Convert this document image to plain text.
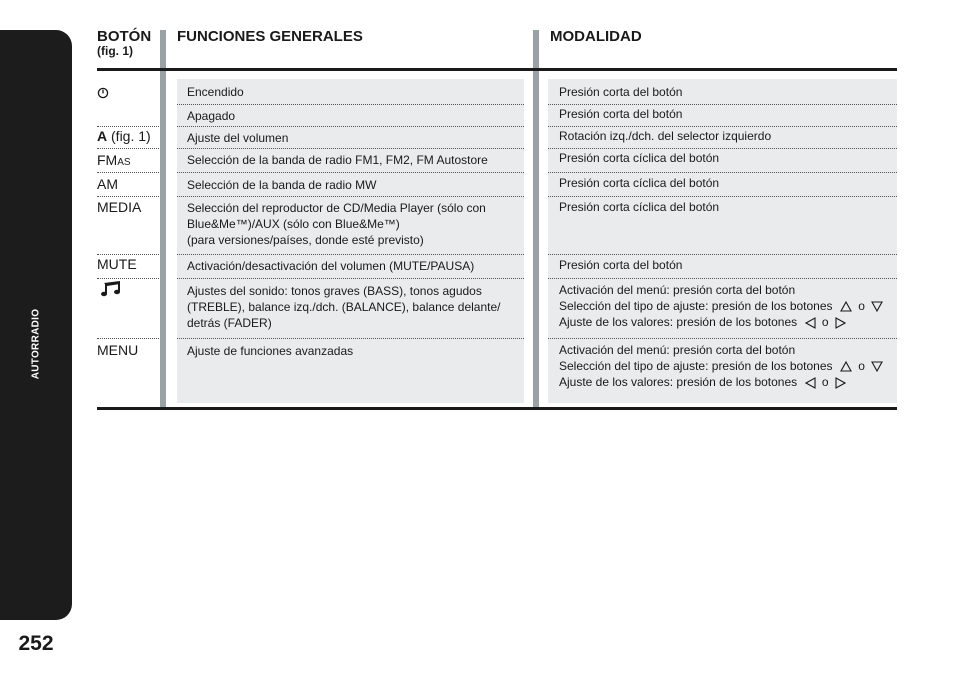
AUTORRADIO
252
BOTÓN
(fig. 1)
FUNCIONES GENERALES	MODALIDAD
A (fig. 1)
FMAS
AM
MEDIA
MUTE
MENU
Encendido
Apagado
Ajuste del volumen
Selección de la banda de radio FM1, FM2, FM Autostore
Selección de la banda de radio MW
Selección del reproductor de CD/Media Player (sólo con
Blue&Me™)/AUX (sólo con Blue&Me™)
(para versiones/países, donde esté previsto)
Activación/desactivación del volumen (MUTE/PAUSA)
Ajustes del sonido: tonos graves (BASS), tonos agudos
(TREBLE), balance izq./dch. (BALANCE), balance delante/
detrás (FADER)
Ajuste de funciones avanzadas
Presión corta del botón
Presión corta del botón
Rotación izq./dch. del selector izquierdo
Presión corta cíclica del botón
Presión corta cíclica del botón
Presión corta cíclica del botón
Presión corta del botón
Activación del menú: presión corta del botón
Selección del tipo de ajuste: presión de los botones o
Ajuste de los valores: presión de los botones o
Activación del menú: presión corta del botón
Selección del tipo de ajuste: presión de los botones o
Ajuste de los valores: presión de los botones o
